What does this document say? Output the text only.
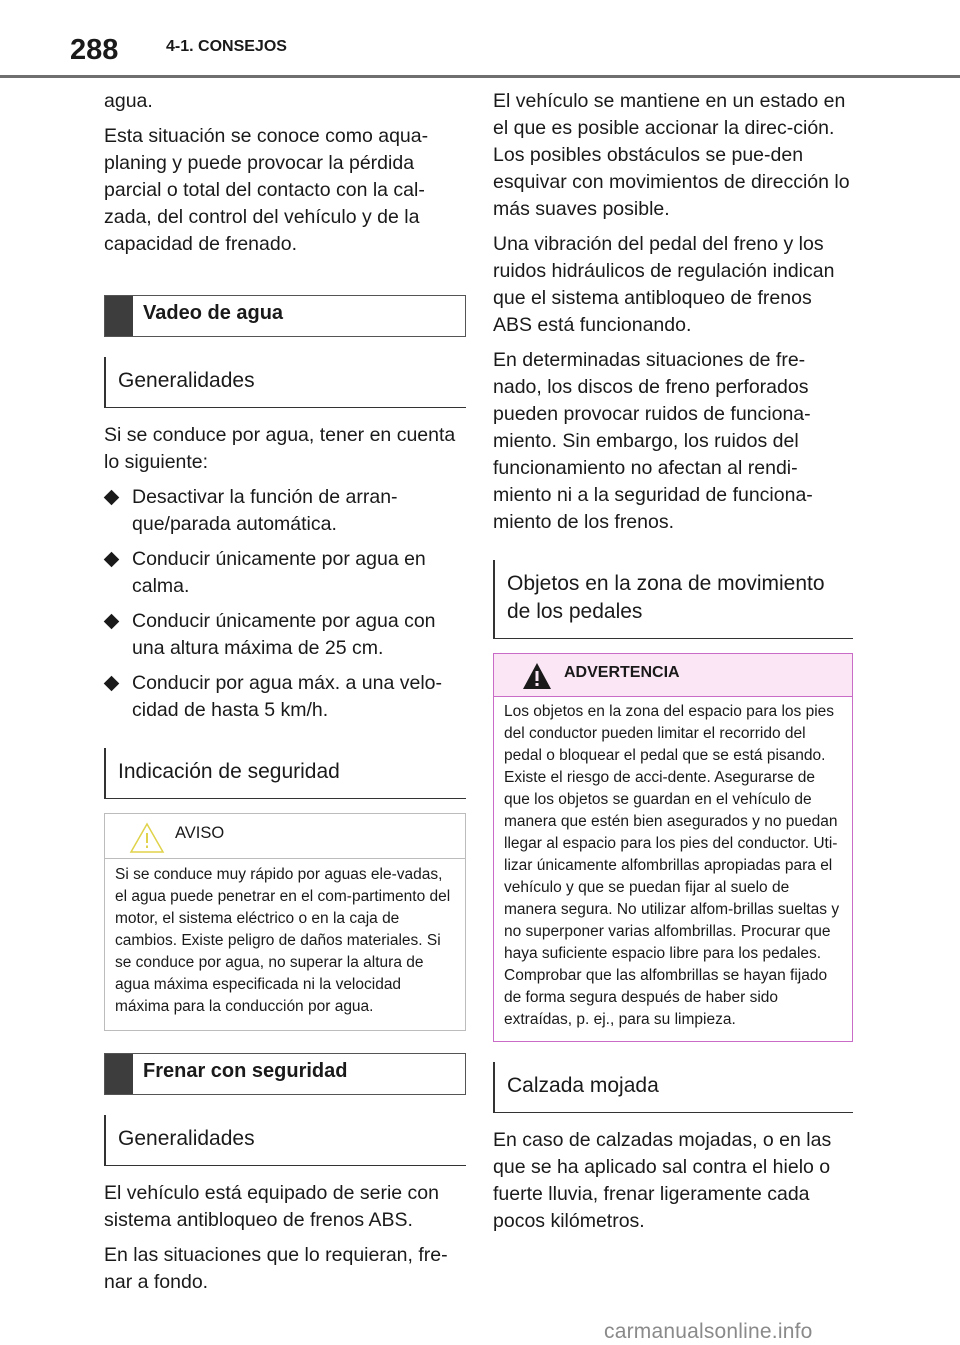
288	4-1. CONSEJOS

agua.

Esta situación se conoce como aqua-planing y puede provocar la pérdida parcial o total del contacto con la cal-zada, del control del vehículo y de la capacidad de frenado.

Vadeo de agua
Generalidades

Si se conduce por agua, tener en cuenta lo siguiente:

Desactivar la función de arran-que/parada automática.
Conducir únicamente por agua en calma.
Conducir únicamente por agua con una altura máxima de 25 cm.
Conducir por agua máx. a una velo-cidad de hasta 5 km/h.
Indicación de seguridad
AVISO
Si se conduce muy rápido por aguas ele-vadas, el agua puede penetrar en el com-partimento del motor, el sistema eléctrico o en la caja de cambios. Existe peligro de daños materiales. Si se conduce por agua, no superar la altura de agua máxima especificada ni la velocidad máxima para la conducción por agua.
Frenar con seguridad
Generalidades

El vehículo está equipado de serie con sistema antibloqueo de frenos ABS.

En las situaciones que lo requieran, fre-nar a fondo.

El vehículo se mantiene en un estado en el que es posible accionar la direc-ción. Los posibles obstáculos se pue-den esquivar con movimientos de dirección lo más suaves posible.

Una vibración del pedal del freno y los ruidos hidráulicos de regulación indican que el sistema antibloqueo de frenos ABS está funcionando.

En determinadas situaciones de fre-nado, los discos de freno perforados pueden provocar ruidos de funciona-miento. Sin embargo, los ruidos del funcionamiento no afectan al rendi-miento ni a la seguridad de funciona-miento de los frenos.

Objetos en la zona de movimiento de los pedales
ADVERTENCIA
Los objetos en la zona del espacio para los pies del conductor pueden limitar el recorrido del pedal o bloquear el pedal que se está pisando. Existe el riesgo de acci-dente. Asegurarse de que los objetos se guardan en el vehículo de manera que estén bien asegurados y no puedan llegar al espacio para los pies del conductor. Uti-lizar únicamente alfombrillas apropiadas para el vehículo y que se puedan fijar al suelo de manera segura. No utilizar alfom-brillas sueltas y no superponer varias alfombrillas. Procurar que haya suficiente espacio libre para los pedales. Comprobar que las alfombrillas se hayan fijado de forma segura después de haber sido extraídas, p. ej., para su limpieza.
Calzada mojada

En caso de calzadas mojadas, o en las que se ha aplicado sal contra el hielo o fuerte lluvia, frenar ligeramente cada pocos kilómetros.

carmanualsonline.info
